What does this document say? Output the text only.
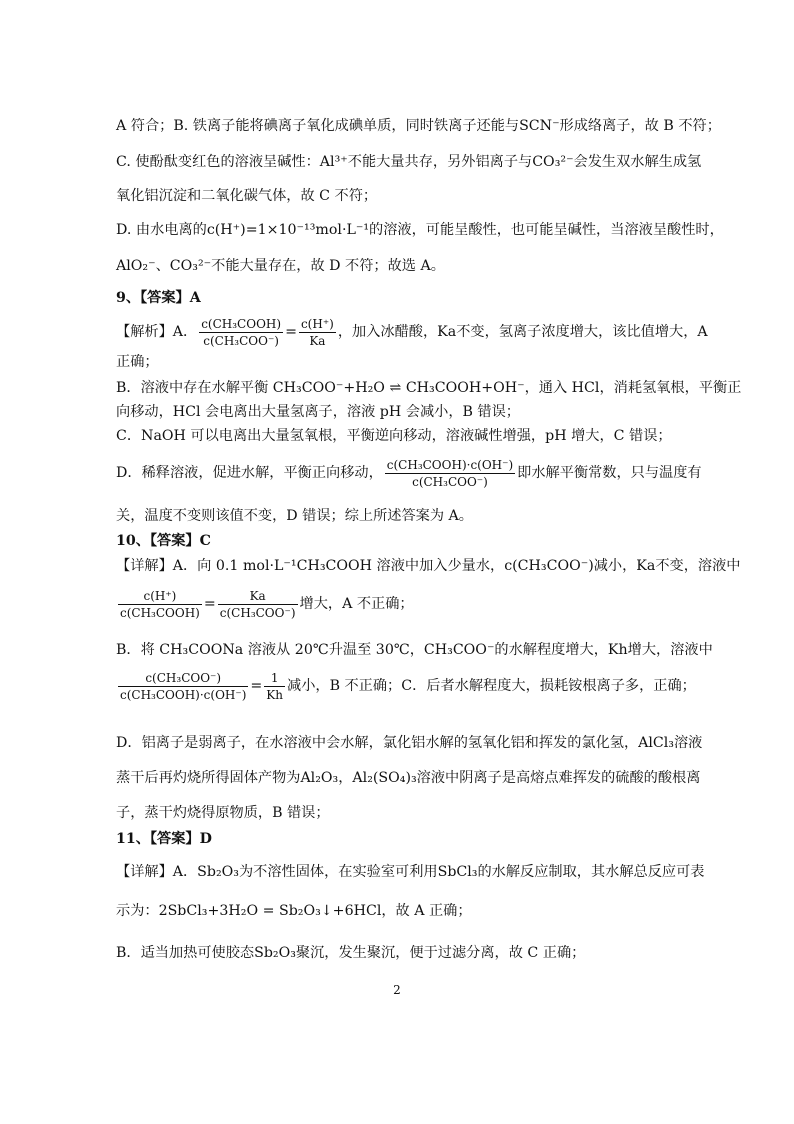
A 符合；B. 铁离子能将碘离子氧化成碘单质，同时铁离子还能与SCN⁻形成络离子，故 B 不符；
C. 使酚酞变红色的溶液呈碱性：Al³⁺不能大量共存，另外铝离子与CO₃²⁻会发生双水解生成氢
氧化铝沉淀和二氧化碳气体，故 C 不符；
D. 由水电离的c(H⁺)=1×10⁻¹³mol·L⁻¹的溶液，可能呈酸性，也可能呈碱性，当溶液呈酸性时，
AlO₂⁻、CO₃²⁻不能大量存在，故 D 不符；故选 A。
9、【答案】A
【解析】A． $\frac{\text{c(CH₃COOH)}}{\text{c(CH₃COO⁻)}} = \frac{c(H^+)}{Ka}$ ，加入冰醋酸，Ka不变，氢离子浓度增大，该比值增大，A
正确；
B．溶液中存在水解平衡 CH₃COO⁻+H₂O ⇌ CH₃COOH+OH⁻，通入 HCl，消耗氢氧根，平衡正
向移动，HCl 会电离出大量氢离子，溶液 pH 会减小，B 错误；
C．NaOH 可以电离出大量氢氧根，平衡逆向移动，溶液碱性增强，pH 增大，C 错误；
D．稀释溶液，促进水解，平衡正向移动， $\frac{\text{c(CH₃COOH)·c(OH⁻)}}{\text{c(CH₃COO⁻)}}$ 即水解平衡常数，只与温度有
关，温度不变则该值不变，D 错误；综上所述答案为 A。
10、【答案】C
【详解】A．向 0.1 mol·L⁻¹CH₃COOH 溶液中加入少量水，c(CH₃COO⁻)减小，Ka不变，溶液中
$\frac{c(H^+)}{\text{c(CH₃COOH)}} = \frac{Ka}{\text{c(CH₃COO⁻)}}$ 增大，A 不正确；
B．将 CH₃COONa 溶液从 20℃升温至 30℃，CH₃COO⁻的水解程度增大，Kh增大，溶液中
$\frac{\text{c(CH₃COO⁻)}}{\text{c(CH₃COOH)·c(OH⁻)}} = \frac{1}{Kh}$ 减小，B 不正确；C．后者水解程度大，损耗铵根离子多，正确；
D．铝离子是弱离子，在水溶液中会水解，氯化铝水解的氢氧化铝和挥发的氯化氢，AlCl₃溶液
蒸干后再灼烧所得固体产物为Al₂O₃，Al₂(SO₄)₃溶液中阴离子是高熔点难挥发的硫酸的酸根离
子，蒸干灼烧得原物质，B 错误；
11、【答案】D
【详解】A．Sb₂O₃为不溶性固体，在实验室可利用SbCl₃的水解反应制取，其水解总反应可表
示为：2SbCl₃+3H₂O = Sb₂O₃↓+6HCl，故 A 正确；
B．适当加热可使胶态Sb₂O₃聚沉，发生聚沉，便于过滤分离，故 C 正确；
2
